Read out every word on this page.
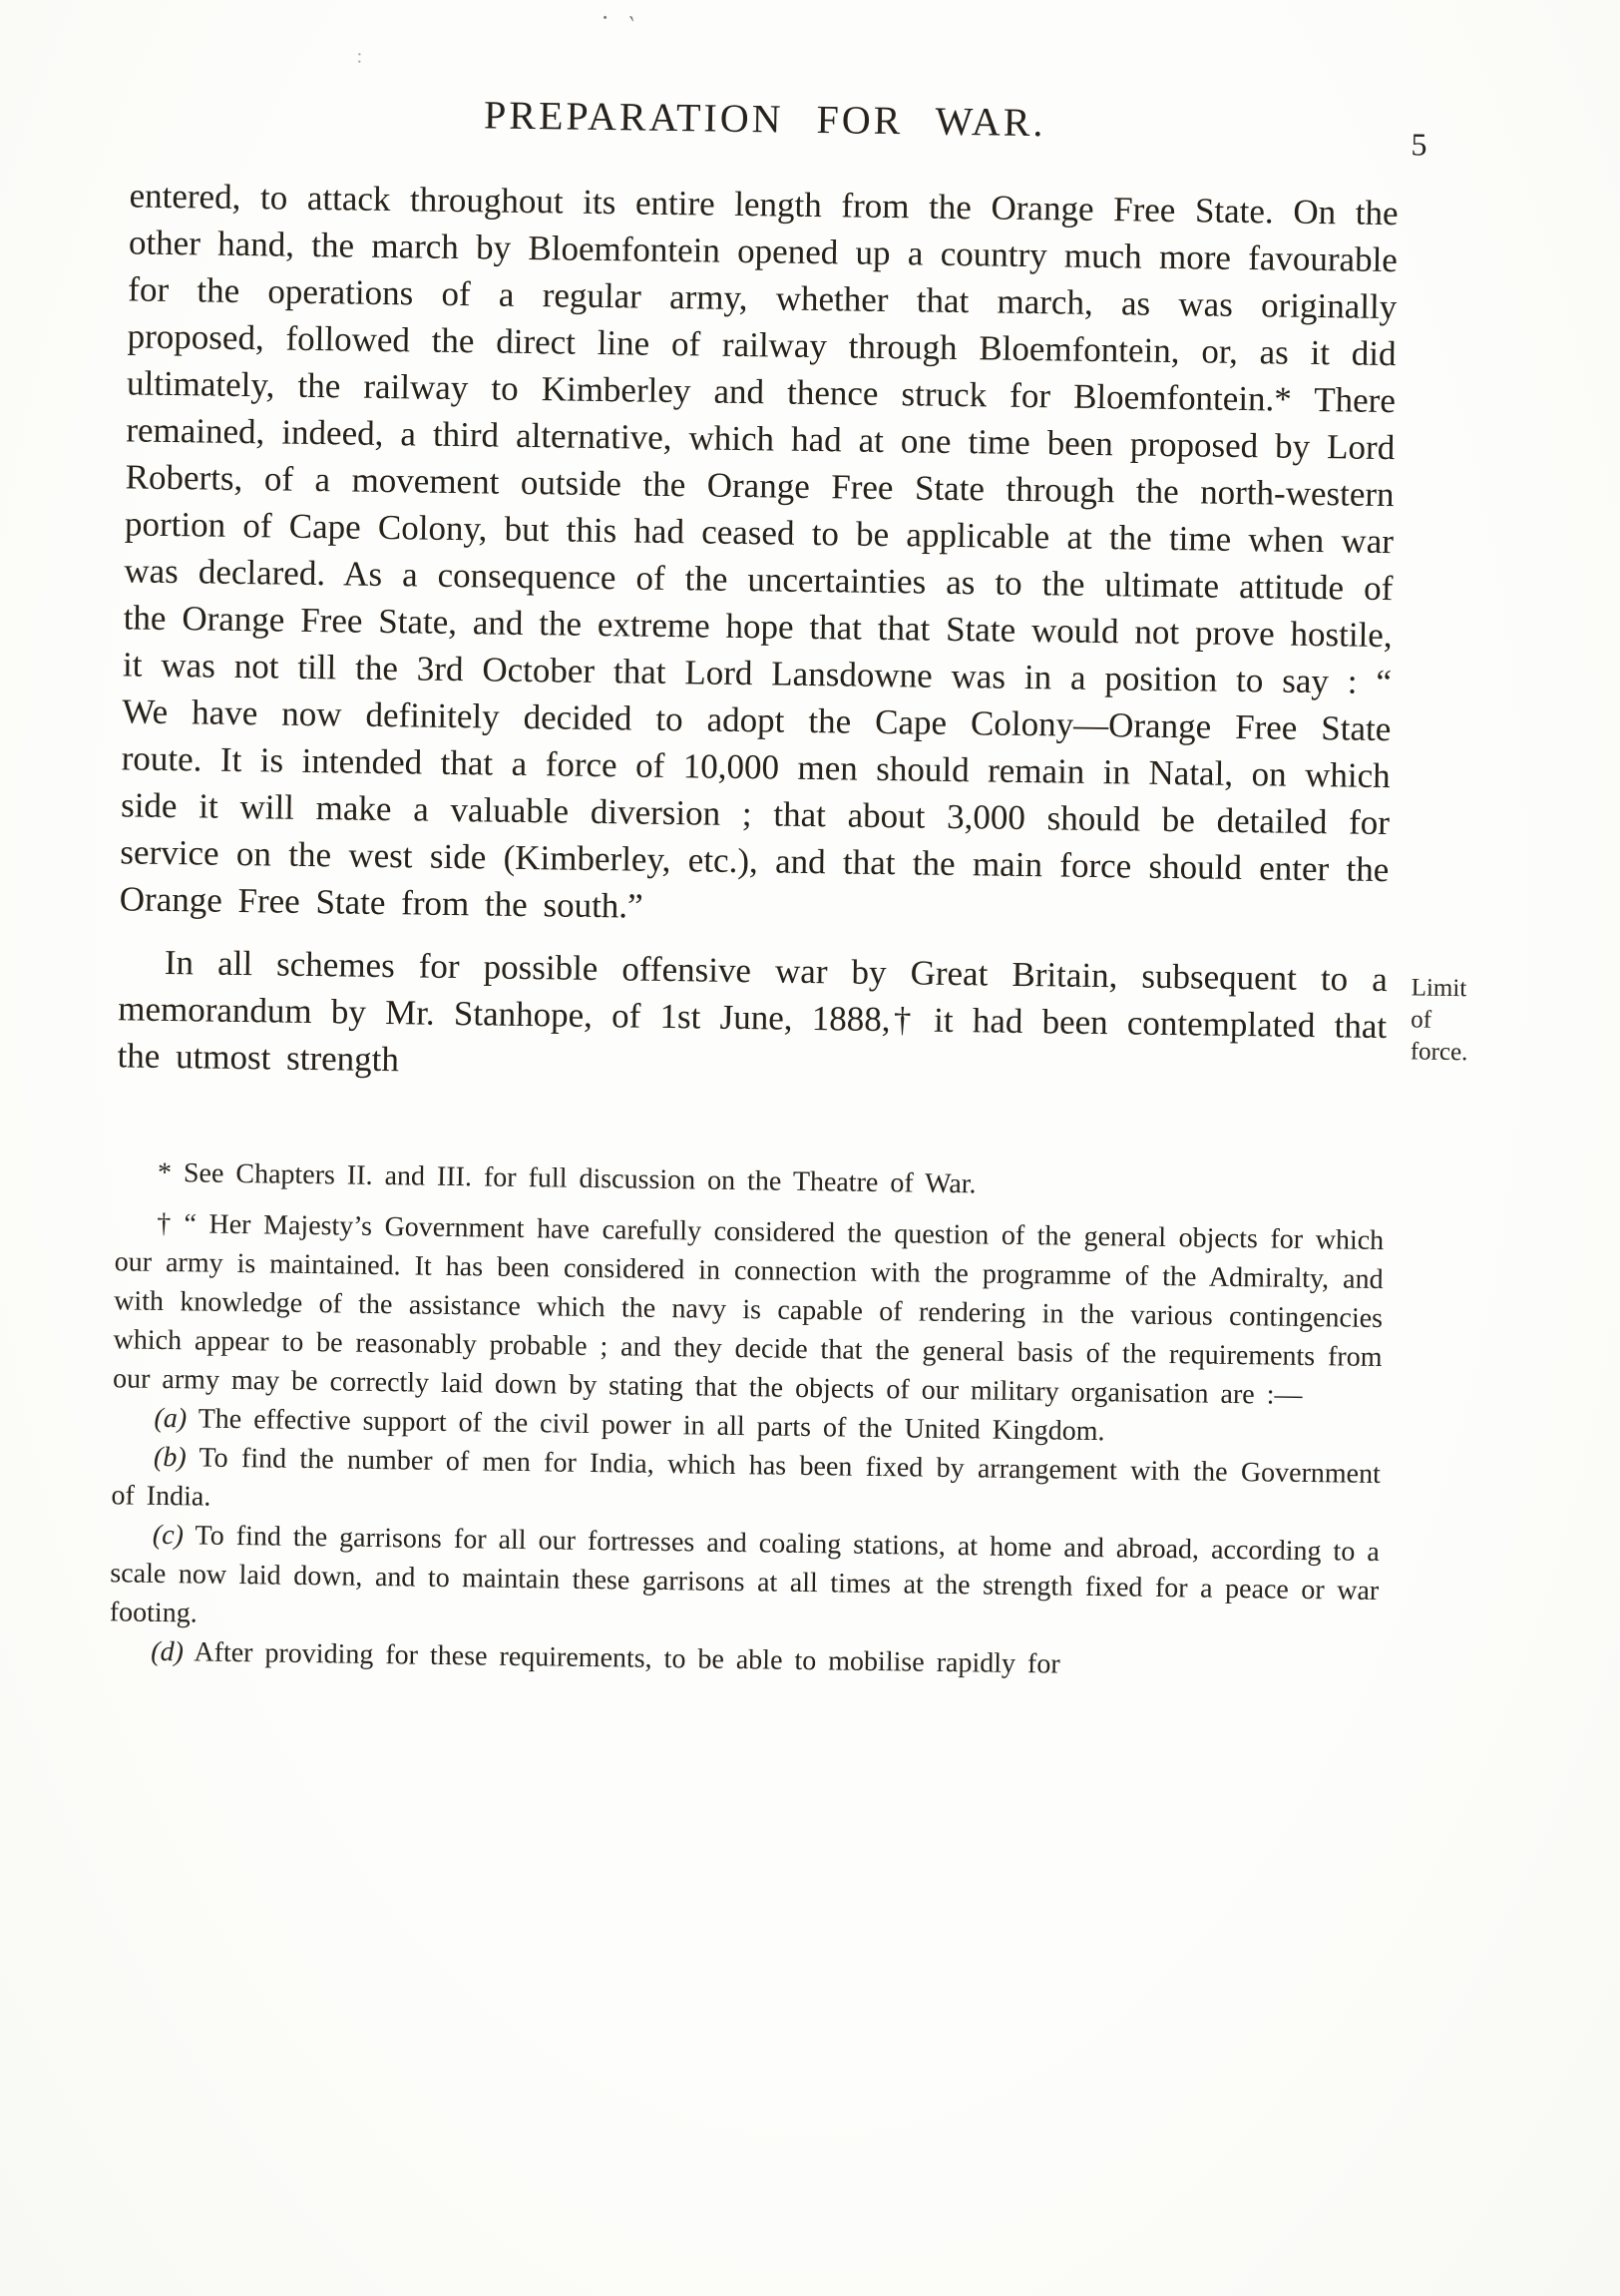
· `
:
PREPARATION FOR WAR.	5

entered, to attack throughout its entire length from the Orange Free State. On the other hand, the march by Bloemfontein opened up a country much more favourable for the operations of a regular army, whether that march, as was originally proposed, followed the direct line of railway through Bloemfontein, or, as it did ultimately, the railway to Kimberley and thence struck for Bloemfontein.* There remained, indeed, a third alternative, which had at one time been proposed by Lord Roberts, of a movement outside the Orange Free State through the north-western portion of Cape Colony, but this had ceased to be applicable at the time when war was declared. As a consequence of the uncertainties as to the ultimate attitude of the Orange Free State, and the extreme hope that that State would not prove hostile, it was not till the 3rd October that Lord Lansdowne was in a position to say : “ We have now definitely decided to adopt the Cape Colony—Orange Free State route. It is intended that a force of 10,000 men should remain in Natal, on which side it will make a valuable diversion ; that about 3,000 should be detailed for service on the west side (Kimberley, etc.), and that the main force should enter the Orange Free State from the south.”

In all schemes for possible offensive war by Great Britain, subsequent to a memorandum by Mr. Stanhope, of 1st June, 1888,† it had been contemplated that the utmost strength

Limit
of
force.

* See Chapters II. and III. for full discussion on the Theatre of War.

† “ Her Majesty’s Government have carefully considered the question of the general objects for which our army is maintained. It has been considered in connection with the programme of the Admiralty, and with knowledge of the assistance which the navy is capable of rendering in the various contingencies which appear to be reasonably probable ; and they decide that the general basis of the requirements from our army may be correctly laid down by stating that the objects of our military organisation are :—

(a) The effective support of the civil power in all parts of the United Kingdom.

(b) To find the number of men for India, which has been fixed by arrangement with the Government of India.

(c) To find the garrisons for all our fortresses and coaling stations, at home and abroad, according to a scale now laid down, and to maintain these garrisons at all times at the strength fixed for a peace or war footing.

(d) After providing for these requirements, to be able to mobilise rapidly for
